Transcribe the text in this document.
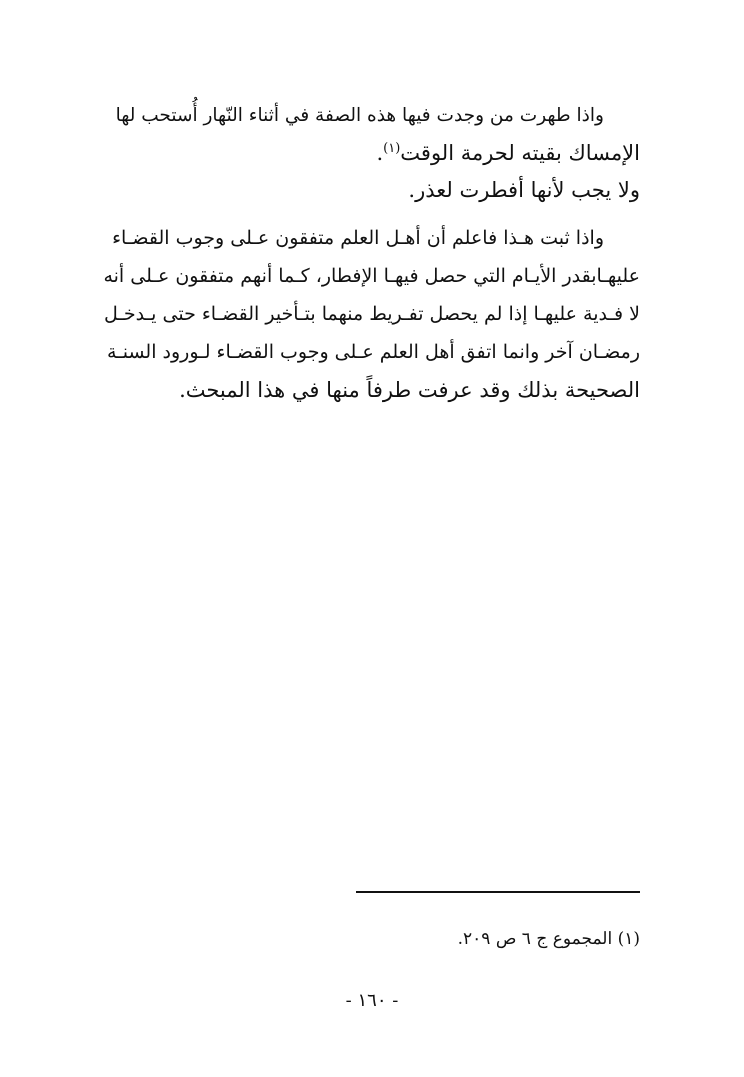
واذا طهرت من وجدت فيها هذه الصفة في أثناء النّهار أُستحب لها
الإمساك بقيته لحرمة الوقت$^{(١)}$.
ولا يجب لأنها أفطرت لعذر.
واذا ثبت هـذا فاعلم أن أهـل العلم متفقون عـلى وجوب القضـاء
عليهـابقدر الأيـام التي حصل فيهـا الإفطار، كـما أنهم متفقون عـلى أنه
لا فـدية عليهـا إذا لم يحصل تفـريط منهما بتـأخير القضـاء حتى يـدخـل
رمضـان آخر وانما اتفق أهل العلم عـلى وجوب القضـاء لـورود السنـة
الصحيحة بذلك وقد عرفت طرفاً منها في هذا المبحث.
(١) المجموع ج ٦ ص ٢٠٩.
- ١٦٠ -
